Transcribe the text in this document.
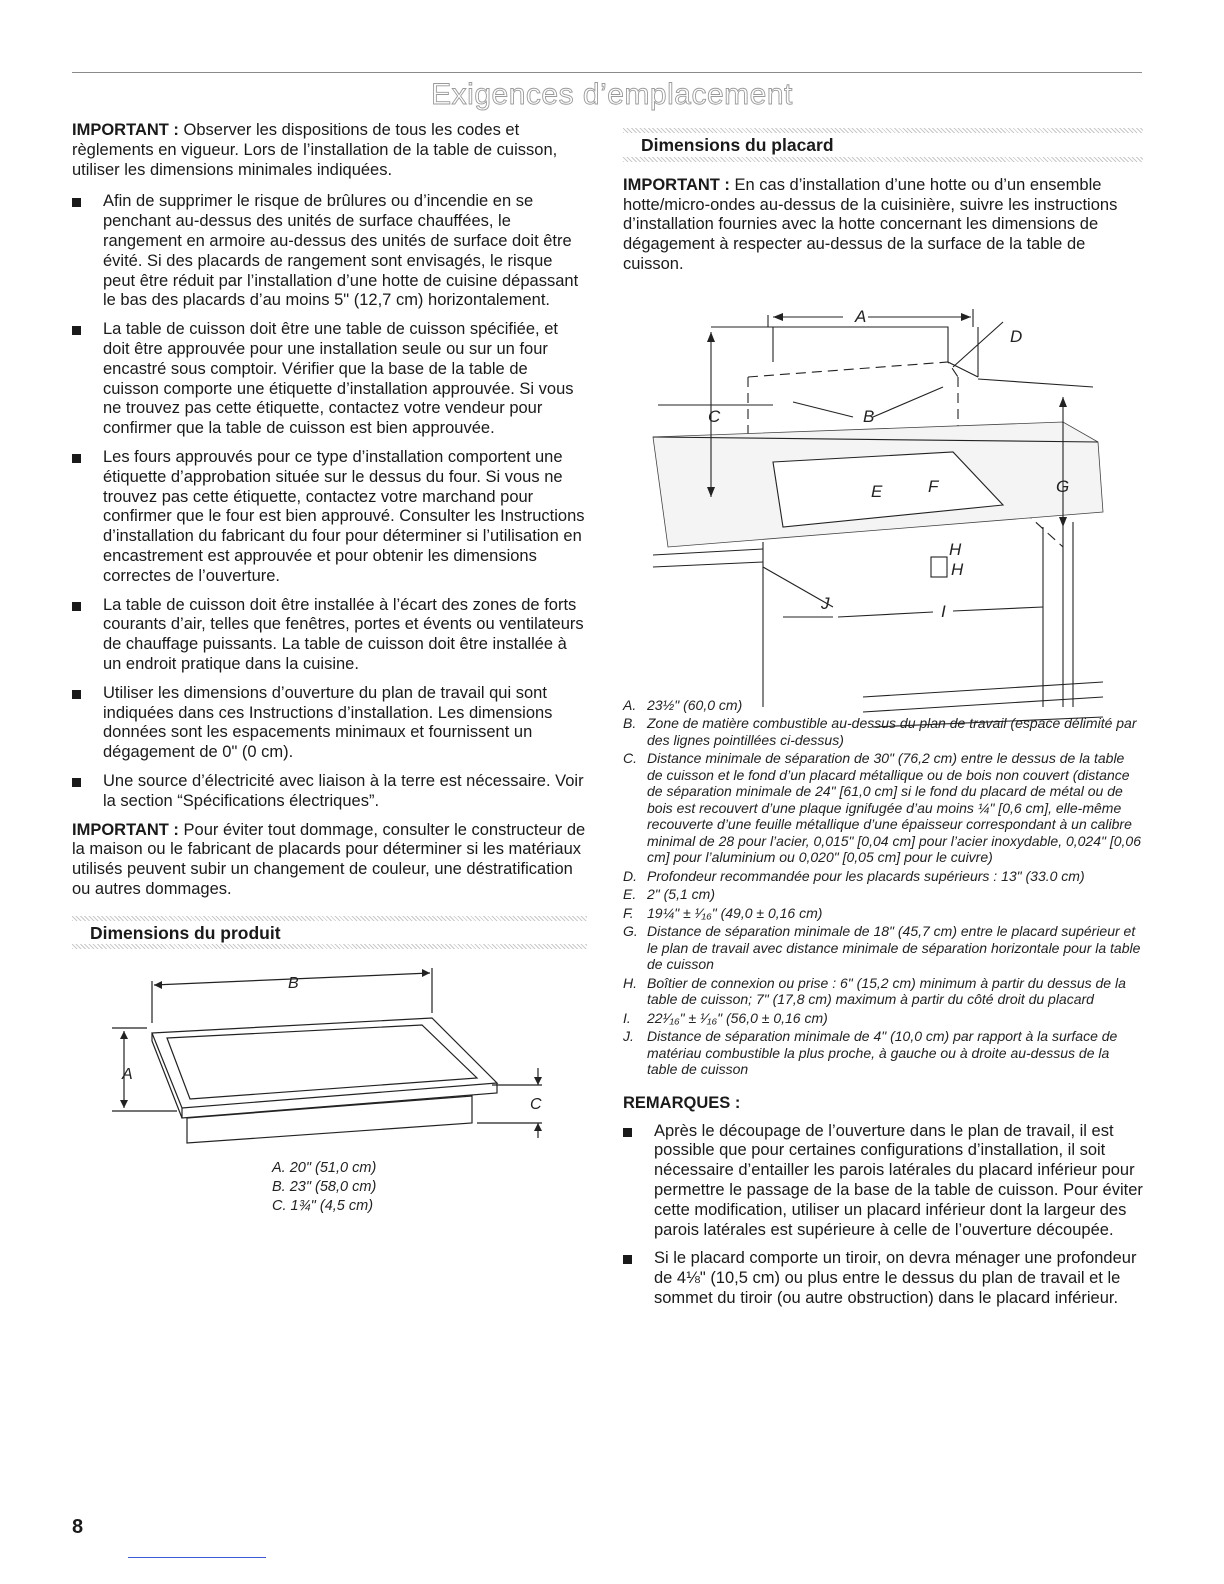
Exigences d’emplacement

IMPORTANT : Observer les dispositions de tous les codes et règlements en vigueur. Lors de l’installation de la table de cuisson, utiliser les dimensions minimales indiquées.

Afin de supprimer le risque de brûlures ou d’incendie en se penchant au-dessus des unités de surface chauffées, le rangement en armoire au-dessus des unités de surface doit être évité. Si des placards de rangement sont envisagés, le risque peut être réduit par l’installation d’une hotte de cuisine dépassant le bas des placards d’au moins 5" (12,7 cm) horizontalement.
La table de cuisson doit être une table de cuisson spécifiée, et doit être approuvée pour une installation seule ou sur un four encastré sous comptoir. Vérifier que la base de la table de cuisson comporte une étiquette d’installation approuvée. Si vous ne trouvez pas cette étiquette, contactez votre vendeur pour confirmer que la table de cuisson est bien approuvée.
Les fours approuvés pour ce type d’installation comportent une étiquette d’approbation située sur le dessus du four. Si vous ne trouvez pas cette étiquette, contactez votre marchand pour confirmer que le four est bien approuvé. Consulter les Instructions d’installation du fabricant du four pour déterminer si l’utilisation en encastrement est approuvée et pour obtenir les dimensions correctes de l’ouverture.
La table de cuisson doit être installée à l’écart des zones de forts courants d’air, telles que fenêtres, portes et évents ou ventilateurs de chauffage puissants. La table de cuisson doit être installée à un endroit pratique dans la cuisine.
Utiliser les dimensions d’ouverture du plan de travail qui sont indiquées dans ces Instructions d’installation. Les dimensions données sont les espacements minimaux et fournissent un dégagement de 0" (0 cm).
Une source d’électricité avec liaison à la terre est nécessaire. Voir la section “Spécifications électriques”.

IMPORTANT : Pour éviter tout dommage, consulter le constructeur de la maison ou le fabricant de placards pour déterminer si les matériaux utilisés peuvent subir un changement de couleur, une déstratification ou autres dommages.

Dimensions du produit
B
A
C
A. 20" (51,0 cm)
B. 23" (58,0 cm)
C. 1¾" (4,5 cm)
Dimensions du placard

IMPORTANT : En cas d’installation d’une hotte ou d’un ensemble hotte/micro-ondes au-dessus de la cuisinière, suivre les instructions d’installation fournies avec la hotte concernant les dimensions de dégagement à respecter au-dessus de la surface de la table de cuisson.

A
D
B
C
E	F	G
H
H
I
J
A. 23½" (60,0 cm)
B. Zone de matière combustible au-dessus du plan de travail (espace délimité par des lignes pointillées ci-dessus)
C. Distance minimale de séparation de 30" (76,2 cm) entre le dessus de la table de cuisson et le fond d’un placard métallique ou de bois non couvert (distance de séparation minimale de 24" [61,0 cm] si le fond du placard de métal ou de bois est recouvert d’une plaque ignifugée d’au moins ¼" [0,6 cm], elle-même recouverte d’une feuille métallique d’une épaisseur correspondant à un calibre minimal de 28 pour l’acier, 0,015" [0,04 cm] pour l’acier inoxydable, 0,024" [0,06 cm] pour l’aluminium ou 0,020" [0,05 cm] pour le cuivre)
D. Profondeur recommandée pour les placards supérieurs : 13" (33.0 cm)
E. 2" (5,1 cm)
F. 19¼" ± ¹⁄₁₆" (49,0 ± 0,16 cm)
G. Distance de séparation minimale de 18" (45,7 cm) entre le placard supérieur et le plan de travail avec distance minimale de séparation horizontale pour la table de cuisson
H. Boîtier de connexion ou prise : 6" (15,2 cm) minimum à partir du dessus de la table de cuisson; 7" (17,8 cm) maximum à partir du côté droit du placard
I. 22¹⁄₁₆" ± ¹⁄₁₆" (56,0 ± 0,16 cm)
J. Distance de séparation minimale de 4" (10,0 cm) par rapport à la surface de matériau combustible la plus proche, à gauche ou à droite au-dessus de la table de cuisson

REMARQUES :

Après le découpage de l’ouverture dans le plan de travail, il est possible que pour certaines configurations d’installation, il soit nécessaire d’entailler les parois latérales du placard inférieur pour permettre le passage de la base de la table de cuisson. Pour éviter cette modification, utiliser un placard inférieur dont la largeur des parois latérales est supérieure à celle de l’ouverture découpée.
Si le placard comporte un tiroir, on devra ménager une profondeur de 4⅛" (10,5 cm) ou plus entre le dessus du plan de travail et le sommet du tiroir (ou autre obstruction) dans le placard inférieur.
8
